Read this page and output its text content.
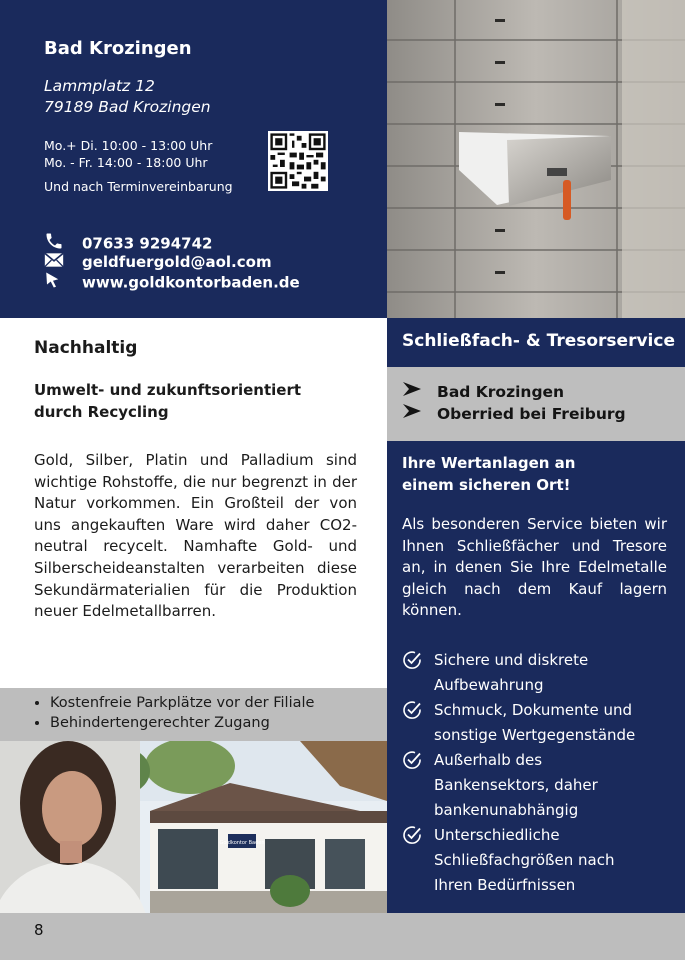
Bad Krozingen
Lammplatz 12
79189 Bad Krozingen
Mo.+ Di. 10:00 - 13:00 Uhr
Mo. - Fr. 14:00 - 18:00 Uhr
Und nach Terminvereinbarung
07633 9294742
geldfuergold@aol.com
www.goldkontorbaden.de
Nachhaltig
Umwelt- und zukunftsorientiert
durch Recycling
Gold, Silber, Platin und Palladium sind wichtige Rohstoffe, die nur begrenzt in der Natur vorkommen. Ein Großteil der von uns angekauften Ware wird daher CO2-neutral recycelt. Namhafte Gold- und Silberscheideanstalten verarbeiten diese Sekundärmaterialien für die Produktion neuer Edelmetallbarren.
• Kostenfreie Parkplätze vor der Filiale
• Behindertengerechter Zugang
Goldkontor Baden
Schließfach- & Tresorservice
Bad Krozingen
Oberried bei Freiburg
Ihre Wertanlagen an
einem sicheren Ort!
Als besonderen Service bieten wir Ihnen Schließfächer und Tresore an, in denen Sie Ihre Edelmetalle gleich nach dem Kauf lagern können.
Sichere und diskrete
Aufbewahrung
Schmuck, Dokumente und
sonstige Wertgegenstände
Außerhalb des
Bankensektors, daher
bankenunabhängig
Unterschiedliche
Schließfachgrößen nach
Ihren Bedürfnissen
8
